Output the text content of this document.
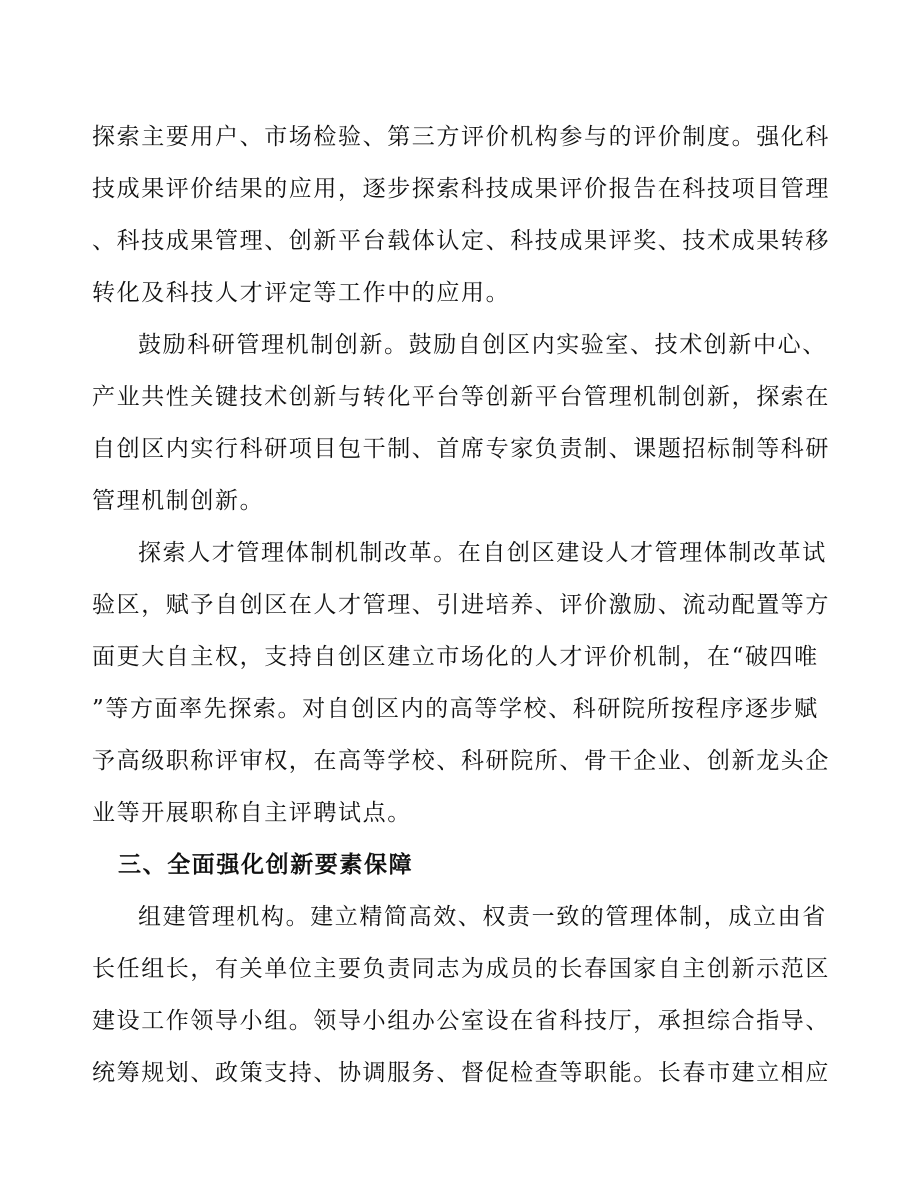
探索主要用户、市场检验、第三方评价机构参与的评价制度。强化科
技成果评价结果的应用，逐步探索科技成果评价报告在科技项目管理
、科技成果管理、创新平台载体认定、科技成果评奖、技术成果转移
转化及科技人才评定等工作中的应用。
鼓励科研管理机制创新。鼓励自创区内实验室、技术创新中心、
产业共性关键技术创新与转化平台等创新平台管理机制创新，探索在
自创区内实行科研项目包干制、首席专家负责制、课题招标制等科研
管理机制创新。
探索人才管理体制机制改革。在自创区建设人才管理体制改革试
验区，赋予自创区在人才管理、引进培养、评价激励、流动配置等方
面更大自主权，支持自创区建立市场化的人才评价机制，在“破四唯
”等方面率先探索。对自创区内的高等学校、科研院所按程序逐步赋
予高级职称评审权，在高等学校、科研院所、骨干企业、创新龙头企
业等开展职称自主评聘试点。
三、全面强化创新要素保障
组建管理机构。建立精简高效、权责一致的管理体制，成立由省
长任组长，有关单位主要负责同志为成员的长春国家自主创新示范区
建设工作领导小组。领导小组办公室设在省科技厅，承担综合指导、
统筹规划、政策支持、协调服务、督促检查等职能。长春市建立相应
